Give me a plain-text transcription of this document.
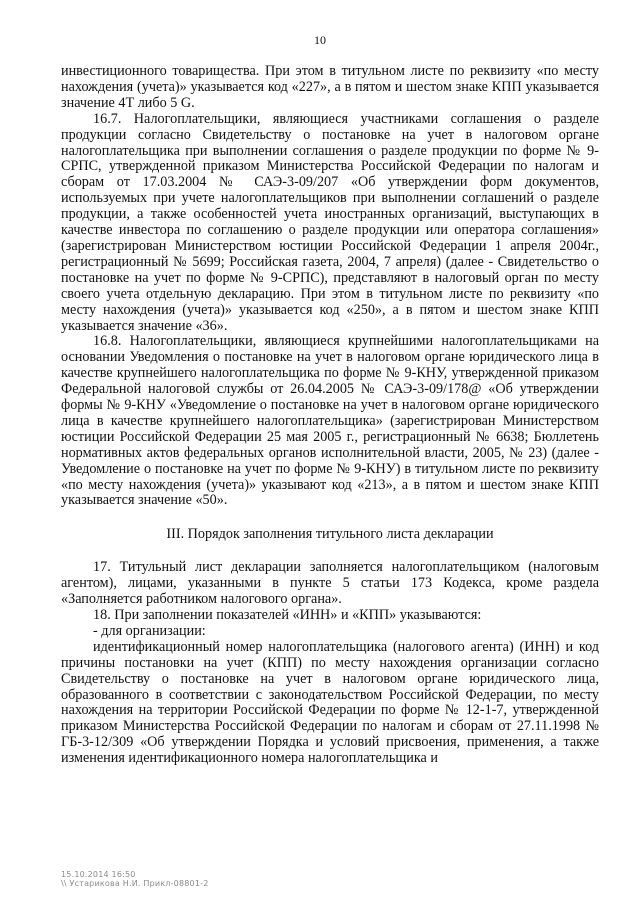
10

инвестиционного товарищества. При этом в титульном листе по реквизиту «по месту нахождения (учета)» указывается код «227», а в пятом и шестом знаке КПП указывается значение 4Т либо 5 G.

16.7. Налогоплательщики, являющиеся участниками соглашения о разделе продукции согласно Свидетельству о постановке на учет в налоговом органе налогоплательщика при выполнении соглашения о разделе продукции по форме № 9-СРПС, утвержденной приказом Министерства Российской Федерации по налогам и сборам от 17.03.2004 № САЭ-3-09/207 «Об утверждении форм документов, используемых при учете налогоплательщиков при выполнении соглашений о разделе продукции, а также особенностей учета иностранных организаций, выступающих в качестве инвестора по соглашению о разделе продукции или оператора соглашения» (зарегистрирован Министерством юстиции Российской Федерации 1 апреля 2004г., регистрационный № 5699; Российская газета, 2004, 7 апреля) (далее - Свидетельство о постановке на учет по форме № 9-СРПС), представляют в налоговый орган по месту своего учета отдельную декларацию. При этом в титульном листе по реквизиту «по месту нахождения (учета)» указывается код «250», а в пятом и шестом знаке КПП указывается значение «36».

16.8. Налогоплательщики, являющиеся крупнейшими налогоплательщиками на основании Уведомления о постановке на учет в налоговом органе юридического лица в качестве крупнейшего налогоплательщика по форме № 9-КНУ, утвержденной приказом Федеральной налоговой службы от 26.04.2005 № САЭ-3-09/178@ «Об утверждении формы № 9-КНУ «Уведомление о постановке на учет в налоговом органе юридического лица в качестве крупнейшего налогоплательщика» (зарегистрирован Министерством юстиции Российской Федерации 25 мая 2005 г., регистрационный № 6638; Бюллетень нормативных актов федеральных органов исполнительной власти, 2005, № 23) (далее - Уведомление о постановке на учет по форме № 9-КНУ) в титульном листе по реквизиту «по месту нахождения (учета)» указывают код «213», а в пятом и шестом знаке КПП указывается значение «50».

III. Порядок заполнения титульного листа декларации

17. Титульный лист декларации заполняется налогоплательщиком (налоговым агентом), лицами, указанными в пункте 5 статьи 173 Кодекса, кроме раздела «Заполняется работником налогового органа».

18. При заполнении показателей «ИНН» и «КПП» указываются:

- для организации:

идентификационный номер налогоплательщика (налогового агента) (ИНН) и код причины постановки на учет (КПП) по месту нахождения организации согласно Свидетельству о постановке на учет в налоговом органе юридического лица, образованного в соответствии с законодательством Российской Федерации, по месту нахождения на территории Российской Федерации по форме № 12-1-7, утвержденной приказом Министерства Российской Федерации по налогам и сборам от 27.11.1998 № ГБ-3-12/309 «Об утверждении Порядка и условий присвоения, применения, а также изменения идентификационного номера налогоплательщика и

15.10.2014 16:50
\\ Устарикова Н.И. Прикл-08801-2
